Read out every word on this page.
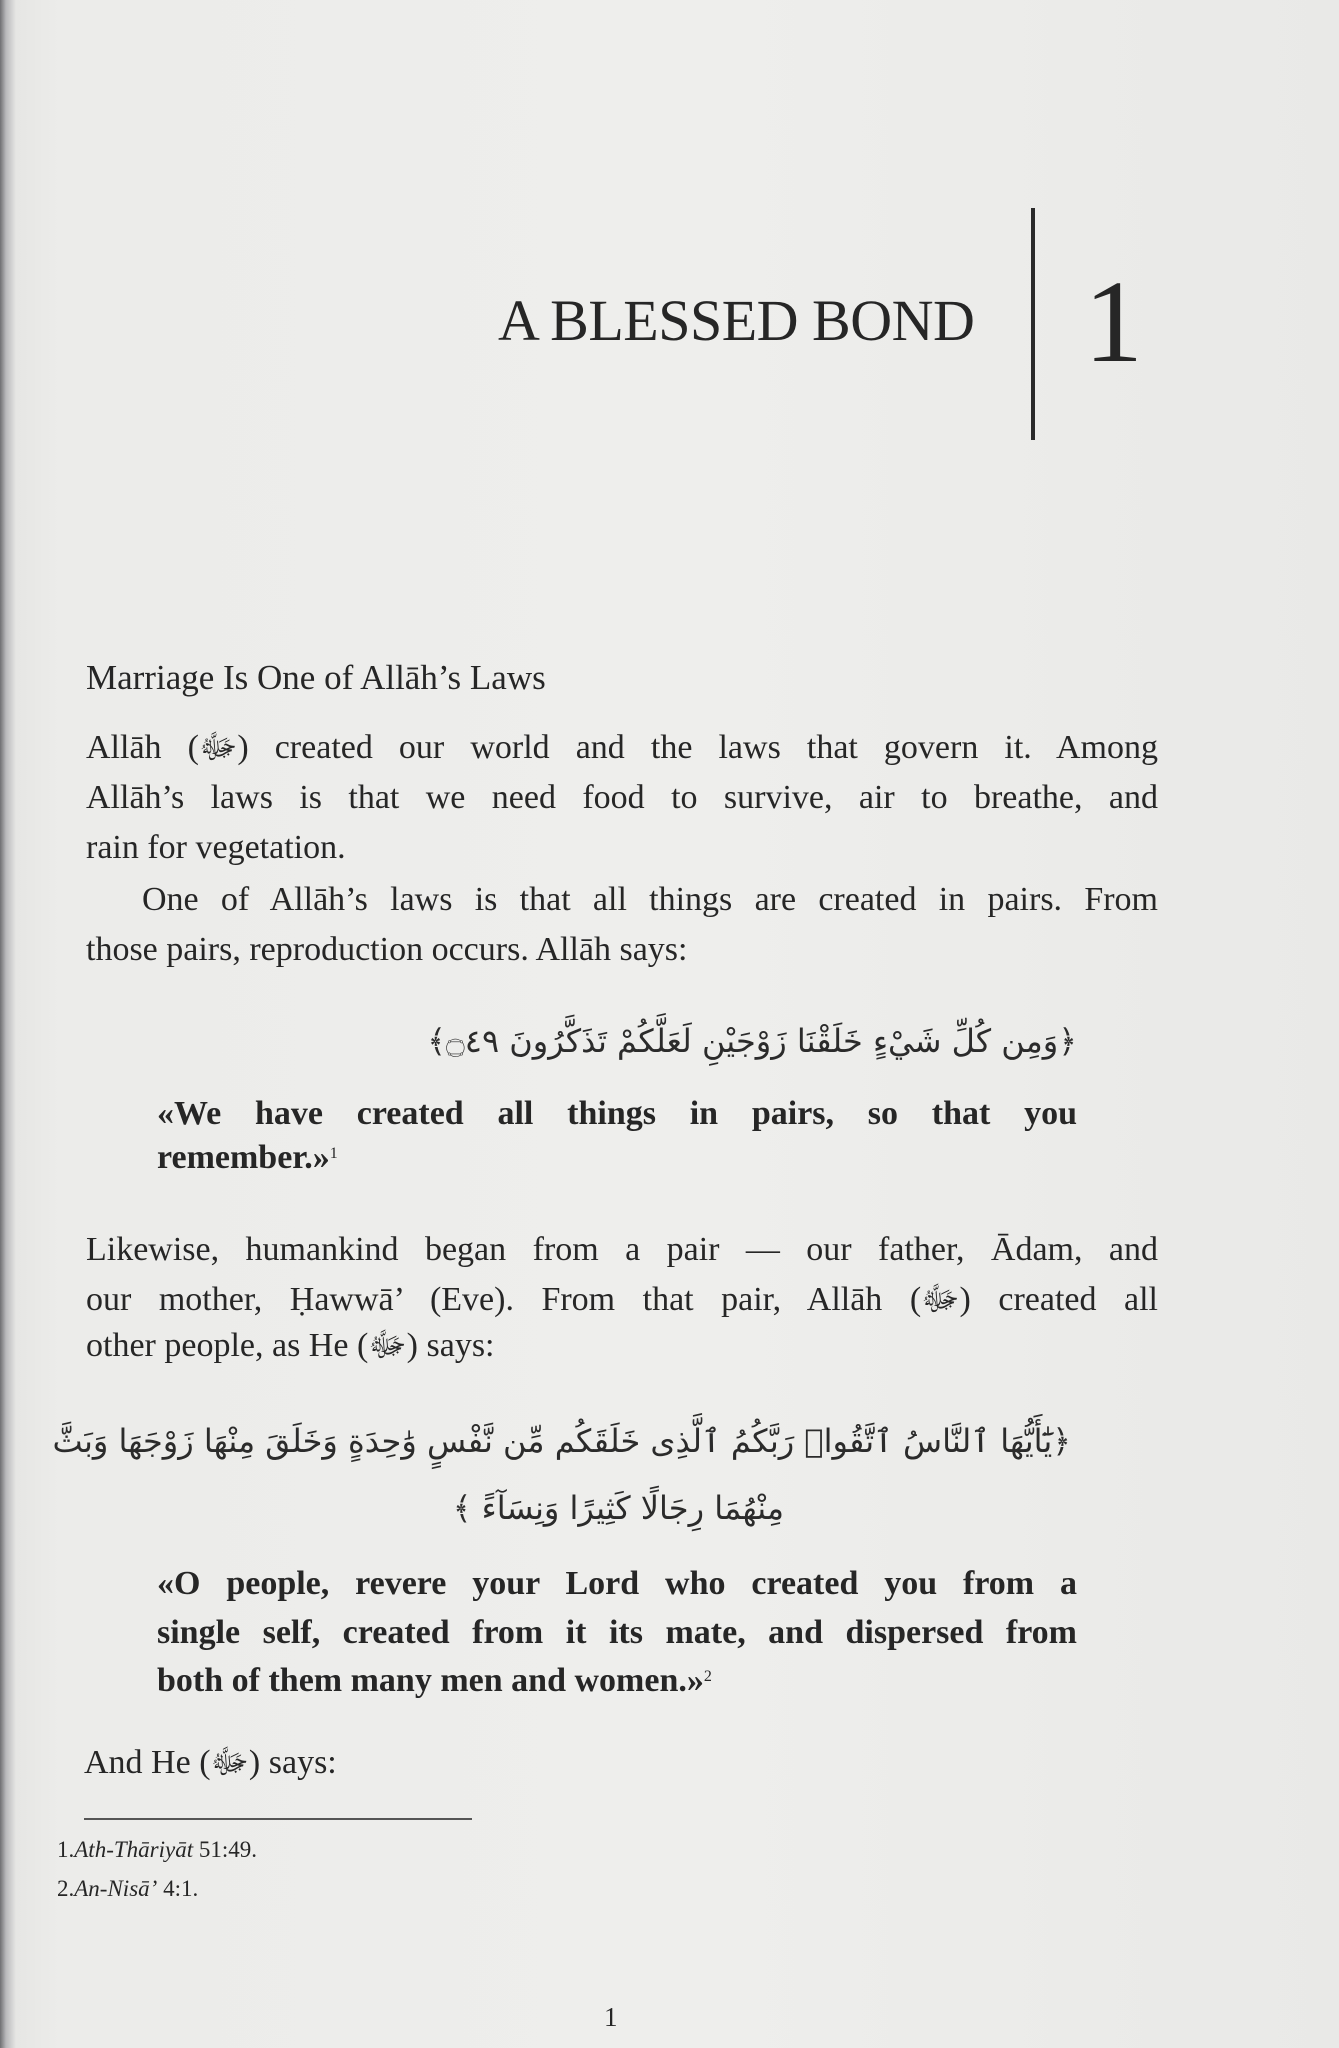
A BLESSED BOND 1
Marriage Is One of Allāh’s Laws
Allāh (ﷻ) created our world and the laws that govern it. Among
Allāh’s laws is that we need food to survive, air to breathe, and
rain for vegetation.
One of Allāh’s laws is that all things are created in pairs. From
those pairs, reproduction occurs. Allāh says:
﴿وَمِن كُلِّ شَيْءٍ خَلَقْنَا زَوْجَيْنِ لَعَلَّكُمْ تَذَكَّرُونَ ۝٤٩﴾
«We have created all things in pairs, so that you
remember.»$^1$
Likewise, humankind began from a pair — our father, Ādam, and
our mother, Ḥawwā’ (Eve). From that pair, Allāh (ﷻ) created all
other people, as He (ﷻ) says:
﴿يَٰٓأَيُّهَا ٱلنَّاسُ ٱتَّقُوا۟ رَبَّكُمُ ٱلَّذِى خَلَقَكُم مِّن نَّفْسٍ وَٰحِدَةٍ وَخَلَقَ مِنْهَا زَوْجَهَا وَبَثَّ
مِنْهُمَا رِجَالًا كَثِيرًا وَنِسَآءً ﴾
«O people, revere your Lord who created you from a
single self, created from it its mate, and dispersed from
both of them many men and women.»$^2$
And He (ﷻ) says:
1.Ath-Thāriyāt 51:49.
2.An-Nisā’ 4:1.
1
